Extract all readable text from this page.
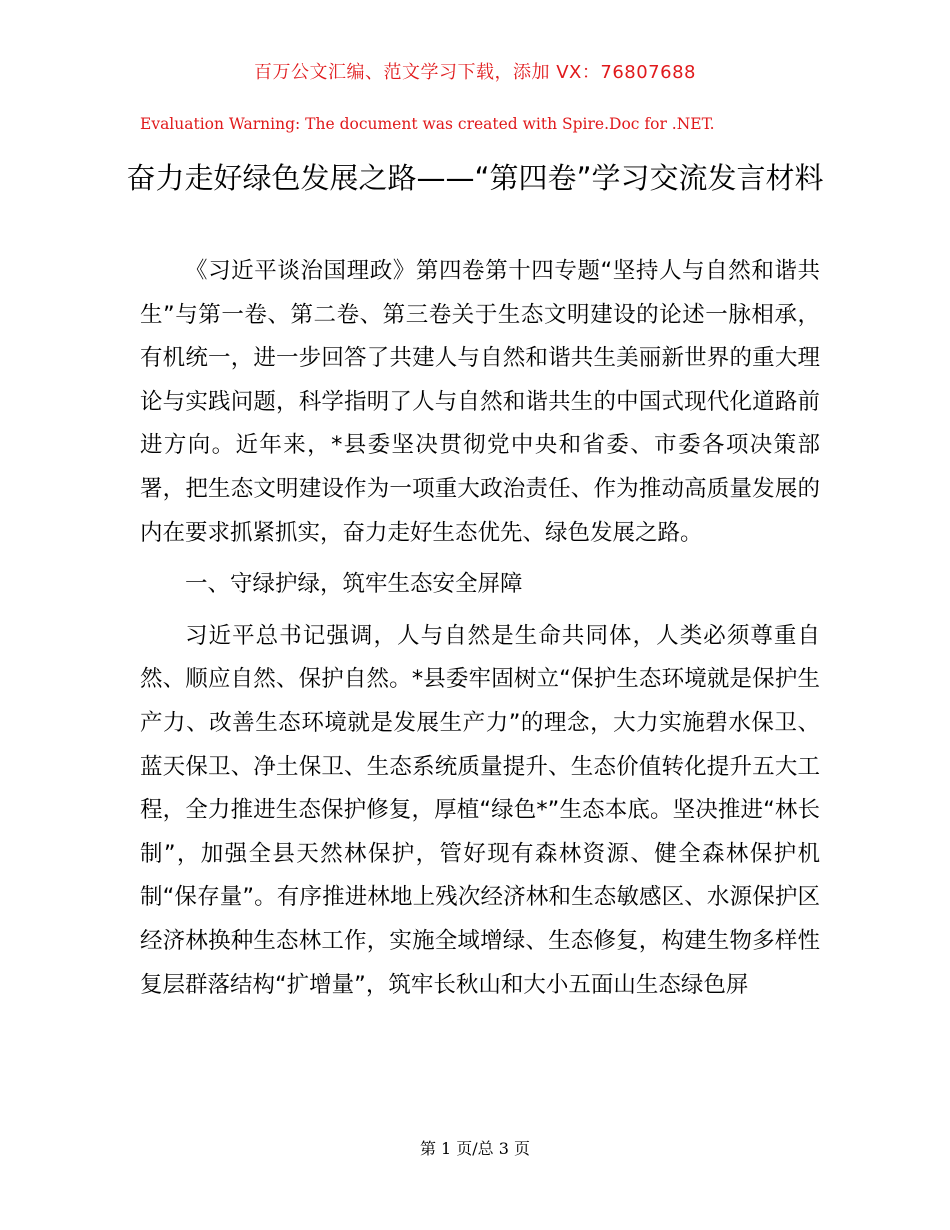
百万公文汇编、范文学习下载，添加 VX：76807688
Evaluation Warning: The document was created with Spire.Doc for .NET.
奋力走好绿色发展之路——“第四卷”学习交流发言材料

《习近平谈治国理政》第四卷第十四专题“坚持人与自然和谐共生”与第一卷、第二卷、第三卷关于生态文明建设的论述一脉相承，有机统一，进一步回答了共建人与自然和谐共生美丽新世界的重大理论与实践问题，科学指明了人与自然和谐共生的中国式现代化道路前进方向。近年来，*县委坚决贯彻党中央和省委、市委各项决策部署，把生态文明建设作为一项重大政治责任、作为推动高质量发展的内在要求抓紧抓实，奋力走好生态优先、绿色发展之路。

一、守绿护绿，筑牢生态安全屏障

习近平总书记强调，人与自然是生命共同体，人类必须尊重自然、顺应自然、保护自然。*县委牢固树立“保护生态环境就是保护生产力、改善生态环境就是发展生产力”的理念，大力实施碧水保卫、蓝天保卫、净土保卫、生态系统质量提升、生态价值转化提升五大工程，全力推进生态保护修复，厚植“绿色*”生态本底。坚决推进“林长制”，加强全县天然林保护，管好现有森林资源、健全森林保护机制“保存量”。有序推进林地上残次经济林和生态敏感区、水源保护区经济林换种生态林工作，实施全域增绿、生态修复，构建生物多样性复层群落结构“扩增量”，筑牢长秋山和大小五面山生态绿色屏

第 1 页/总 3 页
